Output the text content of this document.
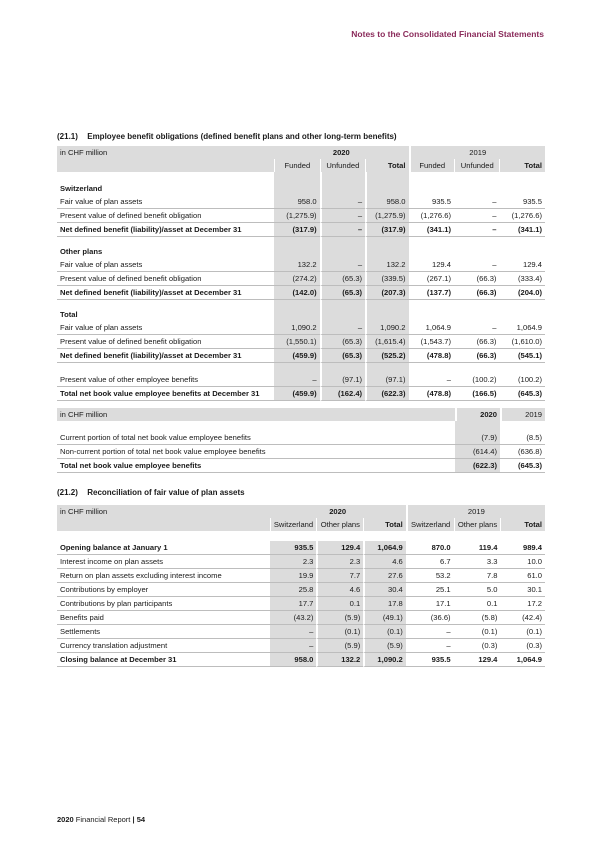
Notes to the Consolidated Financial Statements
(21.1) Employee benefit obligations (defined benefit plans and other long-term benefits)
in CHF million	2020			2019		
	Funded	Unfunded	Total	Funded	Unfunded	Total

Switzerland						
Fair value of plan assets	958.0	–	958.0	935.5	–	935.5
Present value of defined benefit obligation	(1,275.9)	–	(1,275.9)	(1,276.6)	–	(1,276.6)
Net defined benefit (liability)/asset at December 31	(317.9)	–	(317.9)	(341.1)	–	(341.1)

Other plans						
Fair value of plan assets	132.2	–	132.2	129.4	–	129.4
Present value of defined benefit obligation	(274.2)	(65.3)	(339.5)	(267.1)	(66.3)	(333.4)
Net defined benefit (liability)/asset at December 31	(142.0)	(65.3)	(207.3)	(137.7)	(66.3)	(204.0)

Total						
Fair value of plan assets	1,090.2	–	1,090.2	1,064.9	–	1,064.9
Present value of defined benefit obligation	(1,550.1)	(65.3)	(1,615.4)	(1,543.7)	(66.3)	(1,610.0)
Net defined benefit (liability)/asset at December 31	(459.9)	(65.3)	(525.2)	(478.8)	(66.3)	(545.1)

Present value of other employee benefits	–	(97.1)	(97.1)	–	(100.2)	(100.2)
Total net book value employee benefits at December 31	(459.9)	(162.4)	(622.3)	(478.8)	(166.5)	(645.3)
in CHF million	2020	2019

Current portion of total net book value employee benefits	(7.9)	(8.5)
Non-current portion of total net book value employee benefits	(614.4)	(636.8)
Total net book value employee benefits	(622.3)	(645.3)
(21.2) Reconciliation of fair value of plan assets
in CHF million	2020			2019		
	Switzerland	Other plans	Total	Switzerland	Other plans	Total

Opening balance at January 1	935.5	129.4	1,064.9	870.0	119.4	989.4
Interest income on plan assets	2.3	2.3	4.6	6.7	3.3	10.0
Return on plan assets excluding interest income	19.9	7.7	27.6	53.2	7.8	61.0
Contributions by employer	25.8	4.6	30.4	25.1	5.0	30.1
Contributions by plan participants	17.7	0.1	17.8	17.1	0.1	17.2
Benefits paid	(43.2)	(5.9)	(49.1)	(36.6)	(5.8)	(42.4)
Settlements	–	(0.1)	(0.1)	–	(0.1)	(0.1)
Currency translation adjustment	–	(5.9)	(5.9)	–	(0.3)	(0.3)
Closing balance at December 31	958.0	132.2	1,090.2	935.5	129.4	1,064.9
2020 Financial Report | 54
